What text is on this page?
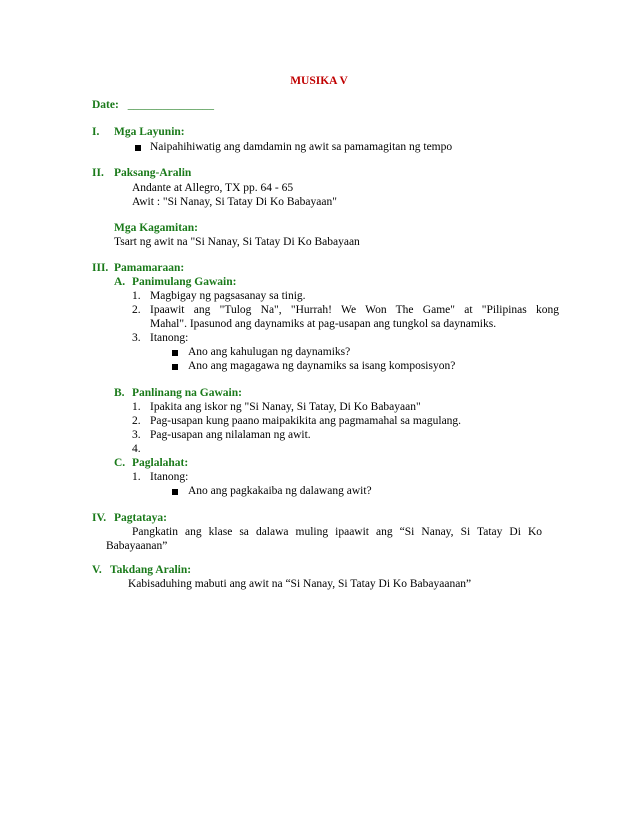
MUSIKA V
Date: _______________
I. Mga Layunin:
Naipahihiwatig ang damdamin ng awit sa pamamagitan ng tempo
II. Paksang-Aralin
Andante at Allegro, TX pp. 64 - 65
Awit : "Si Nanay, Si Tatay Di Ko Babayaan"
Mga Kagamitan:
Tsart ng awit na "Si Nanay, Si Tatay Di Ko Babayaan
III. Pamamaraan:
A. Panimulang Gawain:
1. Magbigay ng pagsasanay sa tinig.
2. Ipaawit ang "Tulog Na", "Hurrah! We Won The Game" at "Pilipinas kong
Mahal". Ipasunod ang daynamiks at pag-usapan ang tungkol sa daynamiks.
3. Itanong:
Ano ang kahulugan ng daynamiks?
Ano ang magagawa ng daynamiks sa isang komposisyon?
B. Panlinang na Gawain:
1. Ipakita ang iskor ng "Si Nanay, Si Tatay, Di Ko Babayaan"
2. Pag-usapan kung paano maipakikita ang pagmamahal sa magulang.
3. Pag-usapan ang nilalaman ng awit.
4.
C. Paglalahat:
1. Itanong:
Ano ang pagkakaiba ng dalawang awit?
IV. Pagtataya:
Pangkatin ang klase sa dalawa muling ipaawit ang “Si Nanay, Si Tatay Di Ko
Babayaanan”
V. Takdang Aralin:
Kabisaduhing mabuti ang awit na “Si Nanay, Si Tatay Di Ko Babayaanan”
